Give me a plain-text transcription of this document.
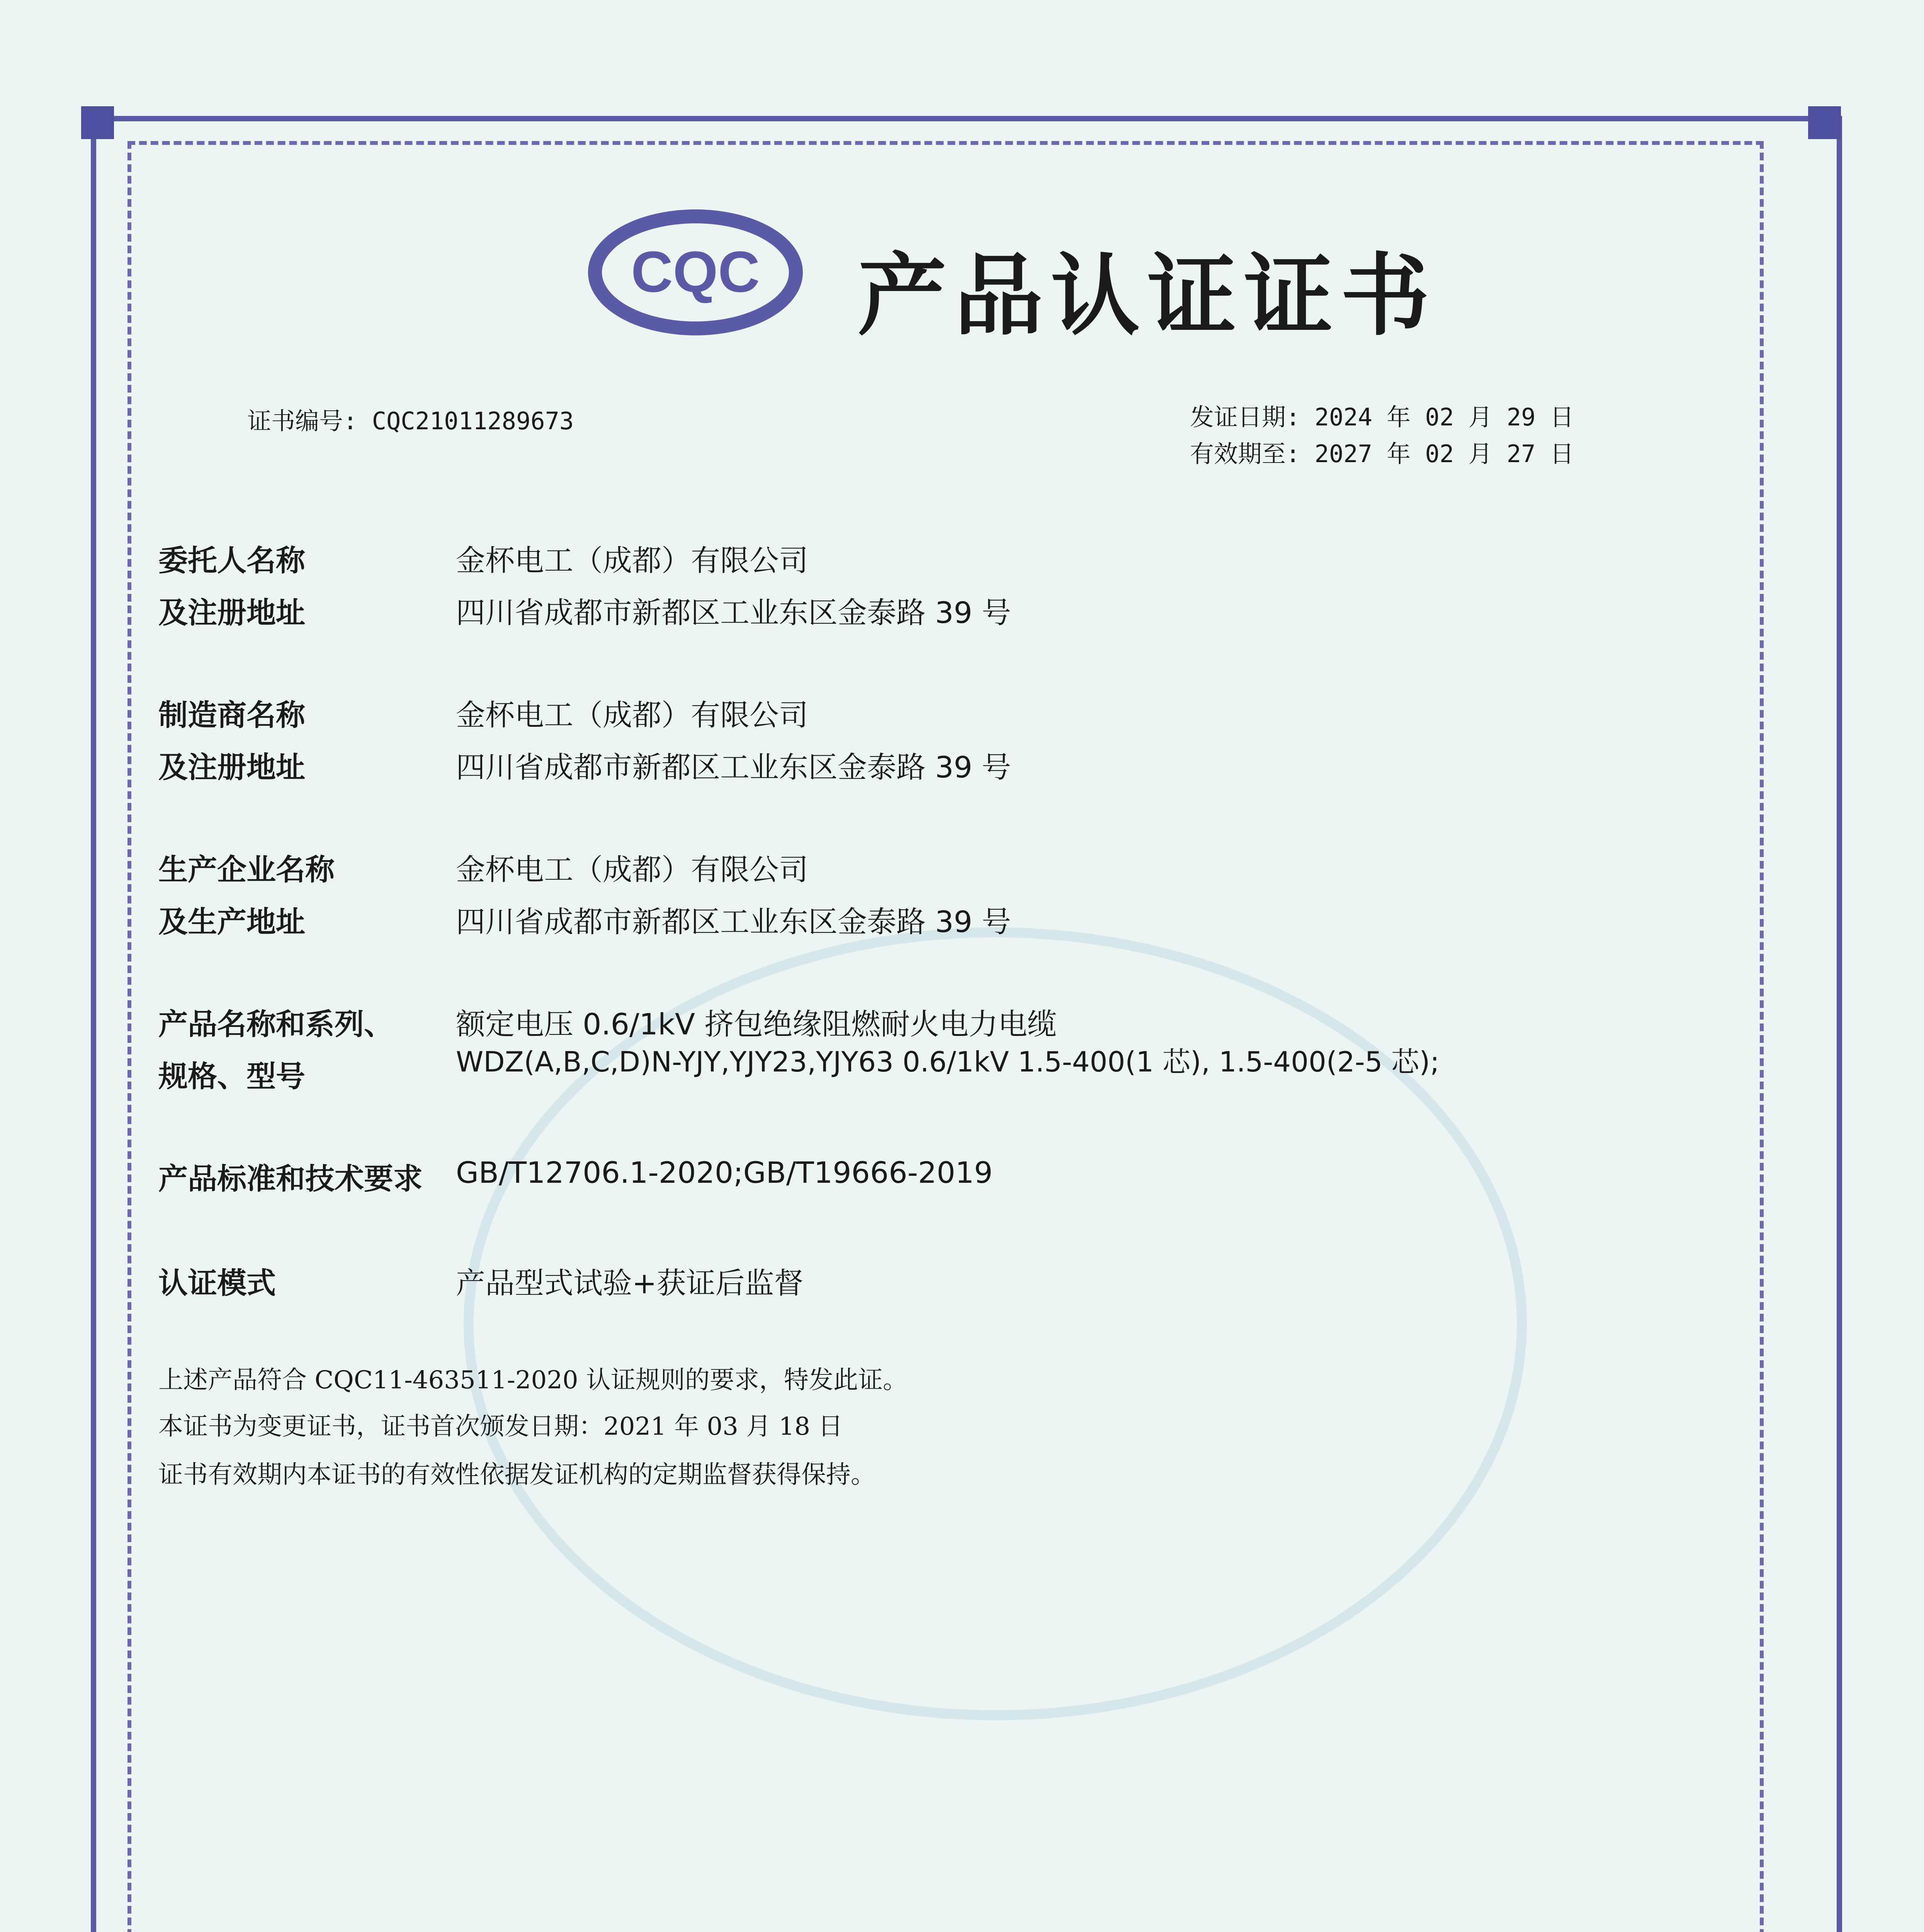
CQC 产品认证证书
证书编号: CQC21011289673	发证日期: 2024 年 02 月 29 日
有效期至: 2027 年 02 月 27 日
委托人名称	金杯电工（成都）有限公司
及注册地址	四川省成都市新都区工业东区金泰路 39 号
制造商名称	金杯电工（成都）有限公司
及注册地址	四川省成都市新都区工业东区金泰路 39 号
生产企业名称	金杯电工（成都）有限公司
及生产地址	四川省成都市新都区工业东区金泰路 39 号
产品名称和系列、 额定电压 0.6/1kV 挤包绝缘阻燃耐火电力电缆
规格、型号	WDZ(A,B,C,D)N-YJY,YJY23,YJY63 0.6/1kV 1.5-400(1 芯), 1.5-400(2-5 芯);
产品标准和技术要求 GB/T12706.1-2020;GB/T19666-2019
认证模式	产品型式试验+获证后监督
上述产品符合 CQC11-463511-2020 认证规则的要求，特发此证。
本证书为变更证书，证书首次颁发日期：2021 年 03 月 18 日
证书有效期内本证书的有效性依据发证机构的定期监督获得保持。
